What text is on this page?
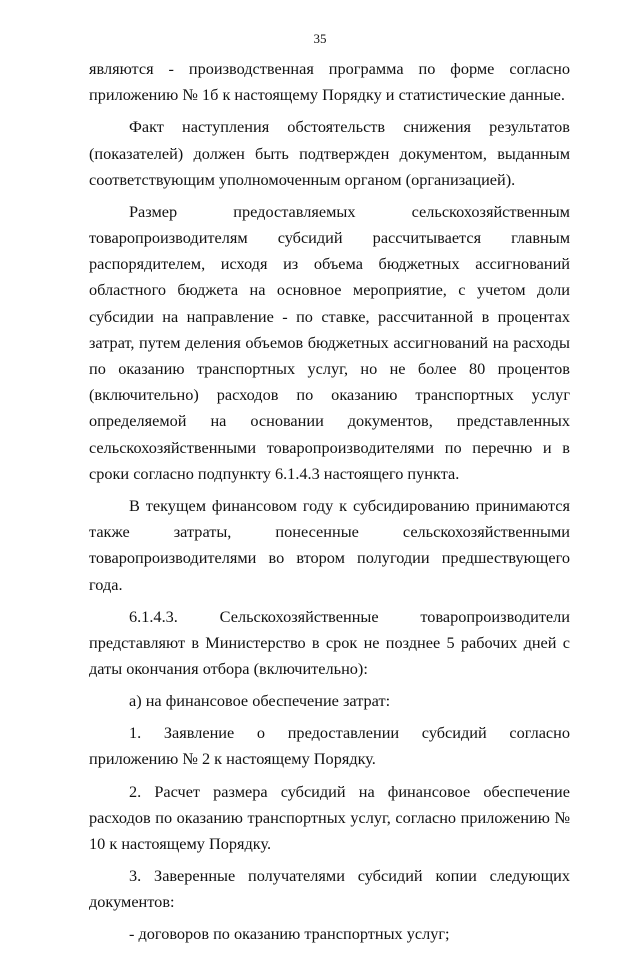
35

являются - производственная программа по форме согласно приложению № 1б к настоящему Порядку и статистические данные.

Факт наступления обстоятельств снижения результатов (показателей) должен быть подтвержден документом, выданным соответствующим уполномоченным органом (организацией).

Размер предоставляемых сельскохозяйственным товаропроизводителям субсидий рассчитывается главным распорядителем, исходя из объема бюджетных ассигнований областного бюджета на основное мероприятие, с учетом доли субсидии на направление - по ставке, рассчитанной в процентах затрат, путем деления объемов бюджетных ассигнований на расходы по оказанию транспортных услуг, но не более 80 процентов (включительно) расходов по оказанию транспортных услуг определяемой на основании документов, представленных сельскохозяйственными товаропроизводителями по перечню и в сроки согласно подпункту 6.1.4.3 настоящего пункта.

В текущем финансовом году к субсидированию принимаются также затраты, понесенные сельскохозяйственными товаропроизводителями во втором полугодии предшествующего года.

6.1.4.3. Сельскохозяйственные товаропроизводители представляют в Министерство в срок не позднее 5 рабочих дней с даты окончания отбора (включительно):

а) на финансовое обеспечение затрат:

1. Заявление о предоставлении субсидий согласно приложению № 2 к настоящему Порядку.

2. Расчет размера субсидий на финансовое обеспечение расходов по оказанию транспортных услуг, согласно приложению № 10 к настоящему Порядку.

3. Заверенные получателями субсидий копии следующих документов:

- договоров по оказанию транспортных услуг;
